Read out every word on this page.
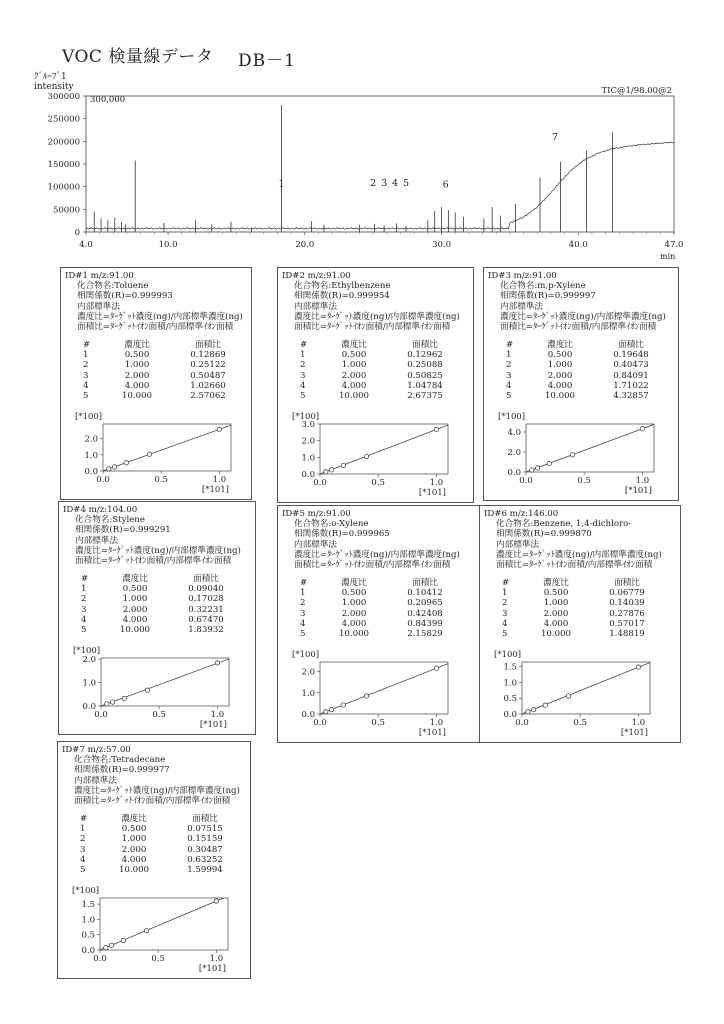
VOC 検量線データ DB－1
ｸﾞﾙｰﾌﾟ1
intensity
300000
250000
200000
150000
100000
50000
0
4.0	10.0	20.0	30.0	40.0	47.0
min
300,000
TIC@1/98.00@2
1	2 3 4 5	6
7
ID#1 m/z:91.00
化合物名:Toluene
相関係数(R)=0.999993
内部標準法
濃度比=ﾀｰｹﾞｯﾄ濃度(ng)/内部標準濃度(ng)
面積比=ﾀｰｹﾞｯﾄｲｵﾝ面積/内部標準ｲｵﾝ面積
#	濃度比	面積比
1	0.500	0.12869
2	1.000	0.25122
3	2.000	0.50487
4	4.000	1.02660
5	10.000	2.57062
[*100]
2.0
1.0
0.0
0.0	0.5	1.0
[*101]
ID#2 m/z:91.00
化合物名:Ethylbenzene
相関係数(R)=0.999954
内部標準法
濃度比=ﾀｰｹﾞｯﾄ濃度(ng)/内部標準濃度(ng)
面積比=ﾀｰｹﾞｯﾄｲｵﾝ面積/内部標準ｲｵﾝ面積
#	濃度比	面積比
1	0.500	0.12962
2	1.000	0.25088
3	2.000	0.50825
4	4.000	1.04784
5	10.000	2.67375
[*100]
3.0
2.0
1.0
0.0
0.0	0.5	1.0
[*101]
ID#3 m/z:91.00
化合物名:m,p-Xylene
相関係数(R)=0.999997
内部標準法
濃度比=ﾀｰｹﾞｯﾄ濃度(ng)/内部標準濃度(ng)
面積比=ﾀｰｹﾞｯﾄｲｵﾝ面積/内部標準ｲｵﾝ面積
#	濃度比	面積比
1	0.500	0.19648
2	1.000	0.40473
3	2.000	0.84091
4	4.000	1.71022
5	10.000	4.32857
[*100]
4.0
2.0
0.0
0.0	0.5	1.0
[*101]
ID#4 m/z:104.00
化合物名:Stylene
相関係数(R)=0.999291
内部標準法
濃度比=ﾀｰｹﾞｯﾄ濃度(ng)/内部標準濃度(ng)
面積比=ﾀｰｹﾞｯﾄｲｵﾝ面積/内部標準ｲｵﾝ面積
#	濃度比	面積比
1	0.500	0.09040
2	1.000	0.17028
3	2.000	0.32231
4	4.000	0.67470
5	10.000	1.83932
[*100]
2.0
1.0
0.0
0.0	0.5	1.0
[*101]
ID#5 m/z:91.00
化合物名:o-Xylene
相関係数(R)=0.999965
内部標準法
濃度比=ﾀｰｹﾞｯﾄ濃度(ng)/内部標準濃度(ng)
面積比=ﾀｰｹﾞｯﾄｲｵﾝ面積/内部標準ｲｵﾝ面積
#	濃度比	面積比
1	0.500	0.10412
2	1.000	0.20965
3	2.000	0.42408
4	4.000	0.84399
5	10.000	2.15829
[*100]
2.0
1.0
0.0
0.0	0.5	1.0
[*101]
ID#6 m/z:146.00
化合物名:Benzene, 1,4-dichloro-
相関係数(R)=0.999870
内部標準法
濃度比=ﾀｰｹﾞｯﾄ濃度(ng)/内部標準濃度(ng)
面積比=ﾀｰｹﾞｯﾄｲｵﾝ面積/内部標準ｲｵﾝ面積
#	濃度比	面積比
1	0.500	0.06779
2	1.000	0.14039
3	2.000	0.27876
4	4.000	0.57017
5	10.000	1.48819
[*100]
1.5
1.0
0.5
0.0
0.0	0.5	1.0
[*101]
ID#7 m/z:57.00
化合物名:Tetradecane
相関係数(R)=0.999977
内部標準法
濃度比=ﾀｰｹﾞｯﾄ濃度(ng)/内部標準濃度(ng)
面積比=ﾀｰｹﾞｯﾄｲｵﾝ面積/内部標準ｲｵﾝ面積
#	濃度比	面積比
1	0.500	0.07515
2	1.000	0.15159
3	2.000	0.30487
4	4.000	0.63252
5	10.000	1.59994
[*100]
1.5
1.0
0.5
0.0
0.0	0.5	1.0
[*101]
